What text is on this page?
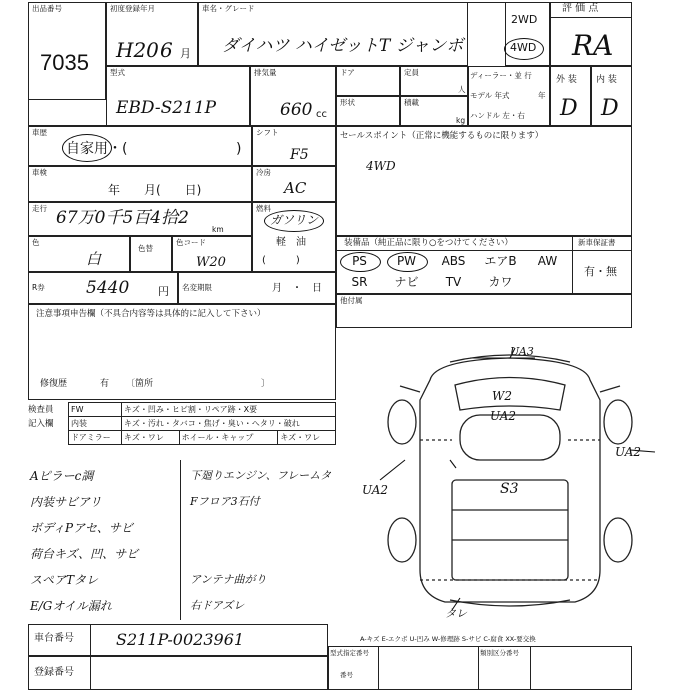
出品番号
7035
初度登録年月
H20 6 月
車名・グレード
ダイハツ ハイゼットT ジャンボ
2WD
4WD
評 価 点
RA
型式
EBD-S211P
排気量
660 cc
ドア	定員
人
形状	積載
kg
ディーラー・並 行
モデル 年式	年
ハンドル 左・右
外 装 内 装
D D
車歴
自家用・(	)
シフト
F5
車検
年　　月(　　日)
冷房
AC
走行 67万0千5百4拾2
km
燃料
ガソリン
軽　油
(　　　)
色
白
色替
色コード
W20
R券 5440	円 名変期限	月　・　日
注意事項申告欄（不具合内容等は具体的に記入して下さい）
修復歴	有 〔箇所　　　　　　　　　　　　〕
セールスポイント（正常に機能するものに限ります）
4WD
装備品（純正品に限り○をつけてください）	新車保証書
有・無
PS	PW	ABS	エアB	AW
SR	ナビ	TV	カワ
他付属
検査員
記入欄
FW	キズ・凹み・ヒビ割・リペア跡・X要		
内装	キズ・汚れ・タバコ・焦げ・臭い・へタリ・破れ		
ドアミラー	キズ・ワレ	ホイール・キャップ	キズ・ワレ
Aピラーc調
内装サビアリ
ボディPアセ、サビ
荷台キズ、凹、サビ
スペアTタレ
E/Gオイル漏れ
下廻りエンジン、フレームタ
Fフロア3石付
アンテナ曲がり
右ドアズレ
UA3
W2
UA2
UA2
UA2	S3
タレ
A-キズ E-エクボ U-凹み W-修理跡 S-サビ C-腐食 XX-要交換
車台番号	S211P-0023961
登録番号
型式指定番号	類別区分番号
番号
